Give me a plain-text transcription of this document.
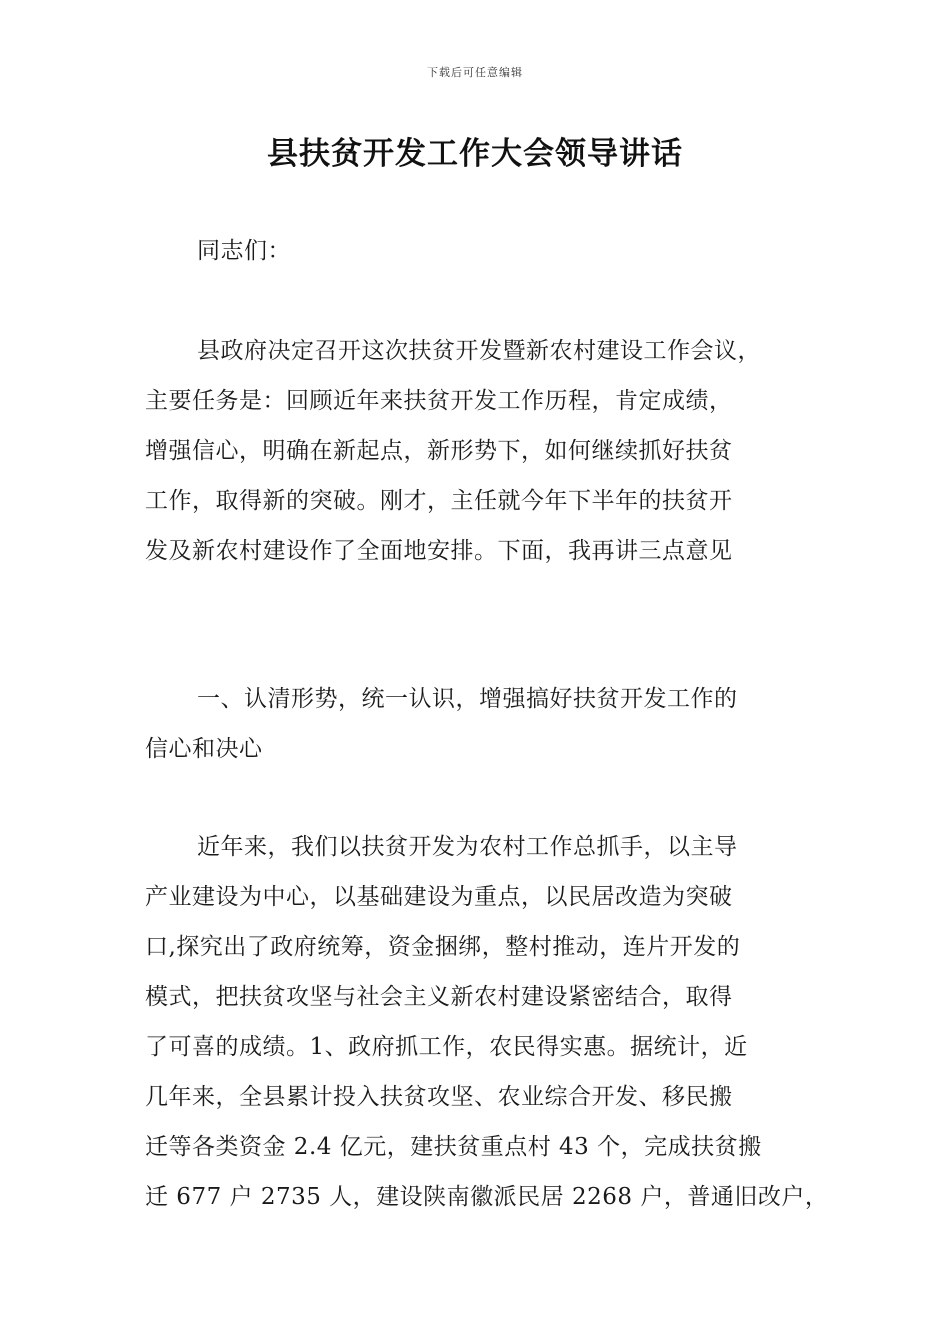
下载后可任意编辑
县扶贫开发工作大会领导讲话
同志们：
县政府决定召开这次扶贫开发暨新农村建设工作会议，
主要任务是：回顾近年来扶贫开发工作历程，肯定成绩，
增强信心，明确在新起点，新形势下，如何继续抓好扶贫
工作，取得新的突破。刚才，主任就今年下半年的扶贫开
发及新农村建设作了全面地安排。下面，我再讲三点意见
一、认清形势，统一认识，增强搞好扶贫开发工作的
信心和决心
近年来，我们以扶贫开发为农村工作总抓手，以主导
产业建设为中心，以基础建设为重点，以民居改造为突破
口,探究出了政府统筹，资金捆绑，整村推动，连片开发的
模式，把扶贫攻坚与社会主义新农村建设紧密结合，取得
了可喜的成绩。1、政府抓工作，农民得实惠。据统计，近
几年来，全县累计投入扶贫攻坚、农业综合开发、移民搬
迁等各类资金 2.4 亿元，建扶贫重点村 43 个，完成扶贫搬
迁 677 户 2735 人，建设陕南徽派民居 2268 户，普通旧改户，
